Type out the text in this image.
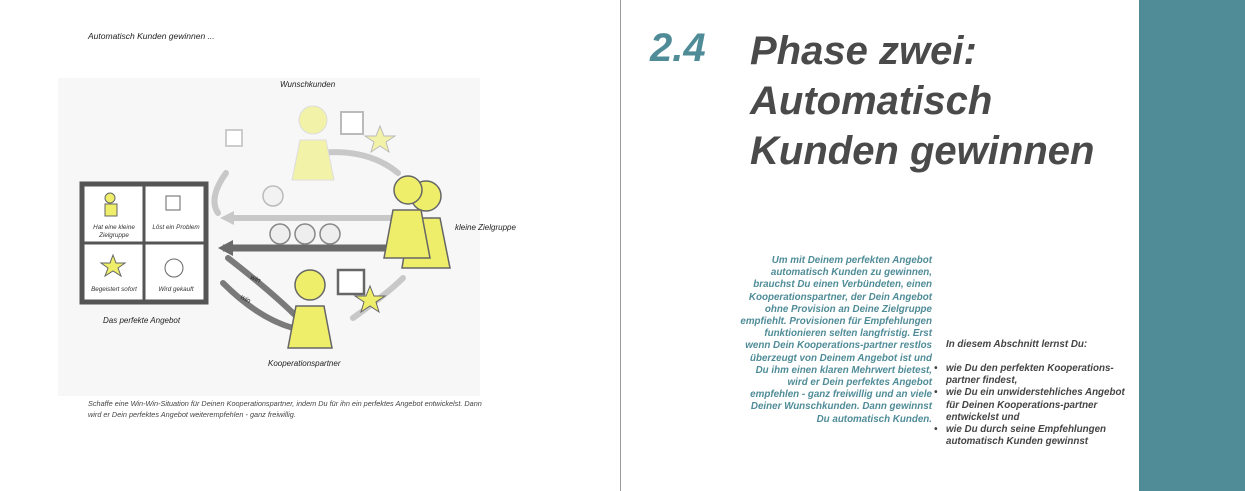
Automatisch Kunden gewinnen ...
Wunschkunden
kleine Zielgruppe
Kooperationspartner
Das perfekte Angebot
win
win
Hat eine kleine Zielgruppe
Löst ein Problem
Begeistert sofort	Wird gekauft
Schaffe eine Win-Win-Situation für Deinen Kooperationspartner, indem Du für ihn ein perfektes Angebot entwickelst. Dann wird er Dein perfektes Angebot weiterempfehlen - ganz freiwillig.
2.4 Phase zwei: Automatisch Kunden gewinnen
Um mit Deinem perfekten Angebot automatisch Kunden zu gewinnen, brauchst Du einen Verbündeten, einen Kooperationspartner, der Dein Angebot ohne Provision an Deine Zielgruppe empfiehlt. Provisionen für Empfehlungen funktionieren selten langfristig. Erst wenn Dein Kooperations-partner restlos überzeugt von Deinem Angebot ist und Du ihm einen klaren Mehrwert bietest, wird er Dein perfektes Angebot empfehlen - ganz freiwillig und an viele Deiner Wunschkunden. Dann gewinnst Du automatisch Kunden.
In diesem Abschnitt lernst Du:
• wie Du den perfekten Kooperations-partner findest,
• wie Du ein unwiderstehliches Angebot für Deinen Kooperations-partner entwickelst und
• wie Du durch seine Empfehlungen automatisch Kunden gewinnst
